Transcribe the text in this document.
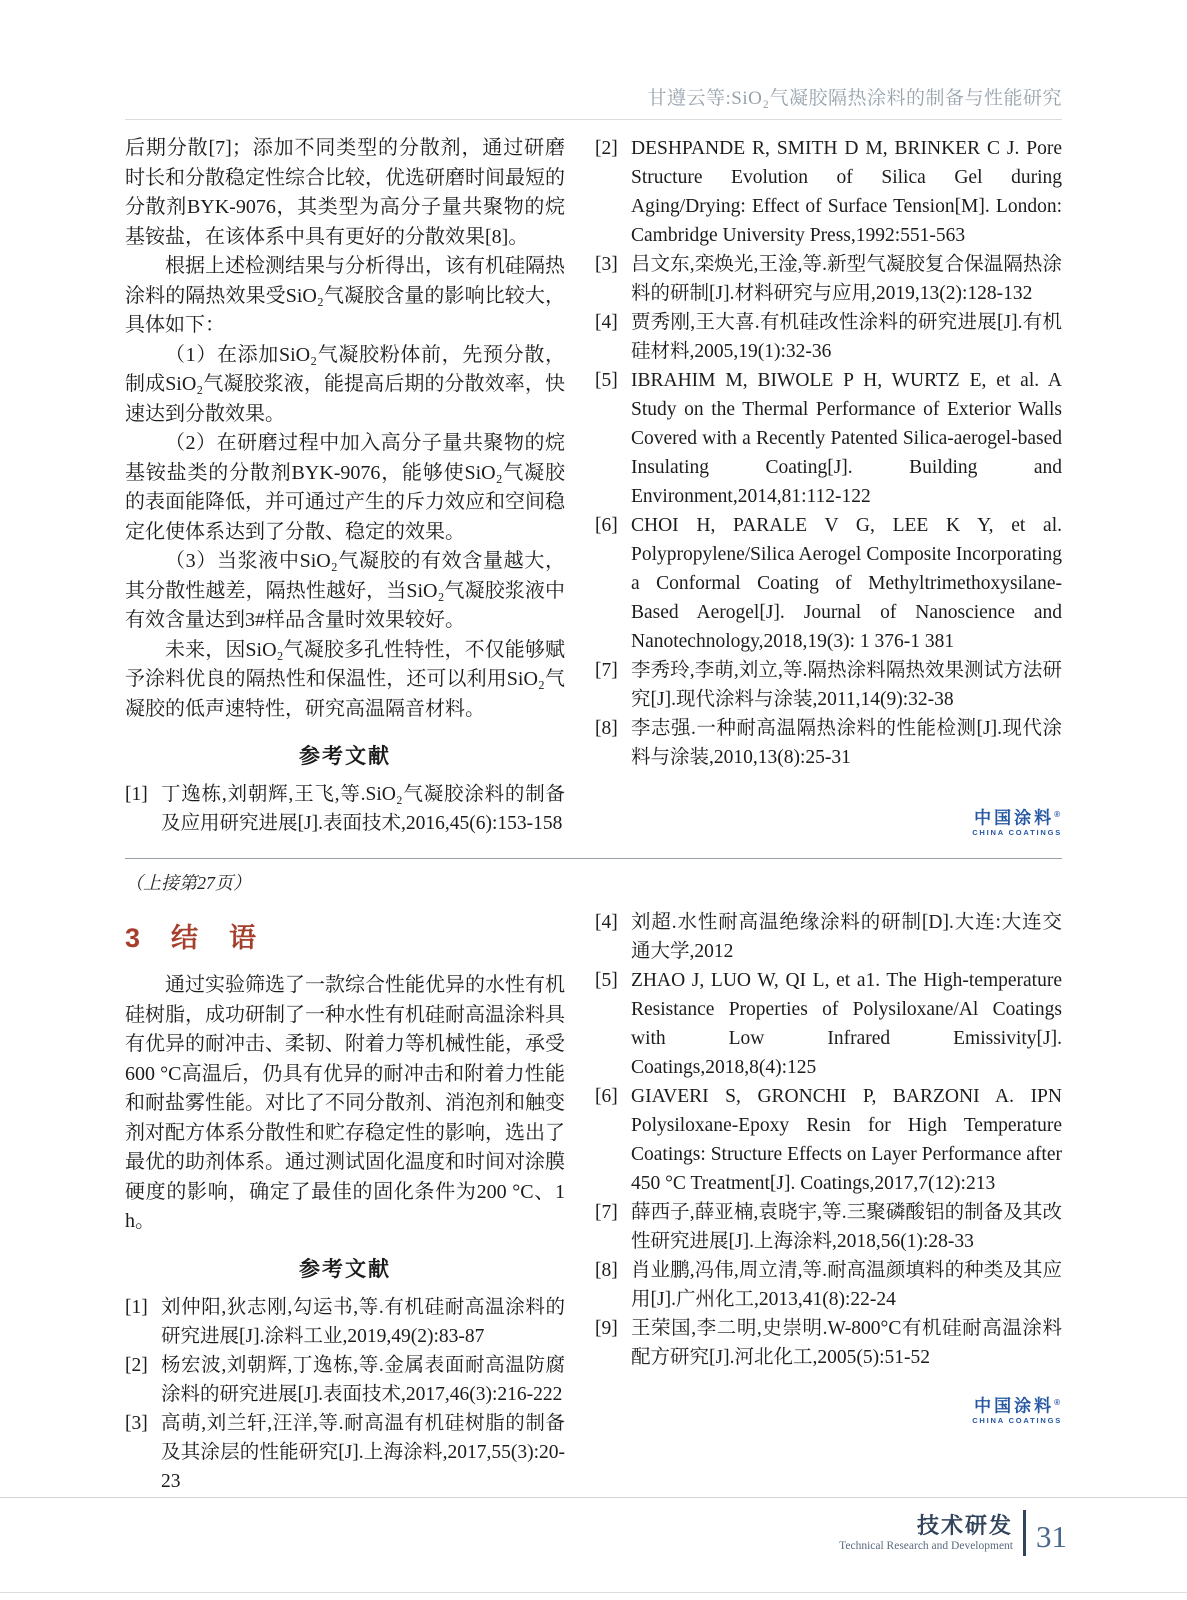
甘遵云等:SiO₂气凝胶隔热涂料的制备与性能研究

后期分散[7]；添加不同类型的分散剂，通过研磨时长和分散稳定性综合比较，优选研磨时间最短的分散剂BYK-9076，其类型为高分子量共聚物的烷基铵盐，在该体系中具有更好的分散效果[8]。

根据上述检测结果与分析得出，该有机硅隔热涂料的隔热效果受SiO₂气凝胶含量的影响比较大，具体如下：

（1）在添加SiO₂气凝胶粉体前，先预分散，制成SiO₂气凝胶浆液，能提高后期的分散效率，快速达到分散效果。

（2）在研磨过程中加入高分子量共聚物的烷基铵盐类的分散剂BYK-9076，能够使SiO₂气凝胶的表面能降低，并可通过产生的斥力效应和空间稳定化使体系达到了分散、稳定的效果。

（3）当浆液中SiO₂气凝胶的有效含量越大，其分散性越差，隔热性越好，当SiO₂气凝胶浆液中有效含量达到3#样品含量时效果较好。

未来，因SiO₂气凝胶多孔性特性，不仅能够赋予涂料优良的隔热性和保温性，还可以利用SiO₂气凝胶的低声速特性，研究高温隔音材料。

参考文献

[1] 丁逸栋,刘朝辉,王飞,等.SiO₂气凝胶涂料的制备及应用研究进展[J].表面技术,2016,45(6):153-158

[2] DESHPANDE R, SMITH D M, BRINKER C J. Pore Structure Evolution of Silica Gel during Aging/Drying: Effect of Surface Tension[M]. London: Cambridge University Press,1992:551-563

[3] 吕文东,栾焕光,王淦,等.新型气凝胶复合保温隔热涂料的研制[J].材料研究与应用,2019,13(2):128-132

[4] 贾秀刚,王大喜.有机硅改性涂料的研究进展[J].有机硅材料,2005,19(1):32-36

[5] IBRAHIM M, BIWOLE P H, WURTZ E, et al. A Study on the Thermal Performance of Exterior Walls Covered with a Recently Patented Silica-aerogel-based Insulating Coating[J]. Building and Environment,2014,81:112-122

[6] CHOI H, PARALE V G, LEE K Y, et al. Polypropylene/Silica Aerogel Composite Incorporating a Conformal Coating of Methyltrimethoxysilane-Based Aerogel[J]. Journal of Nanoscience and Nanotechnology,2018,19(3): 1 376-1 381

[7] 李秀玲,李萌,刘立,等.隔热涂料隔热效果测试方法研究[J].现代涂料与涂装,2011,14(9):32-38

[8] 李志强.一种耐高温隔热涂料的性能检测[J].现代涂料与涂装,2010,13(8):25-31

中国涂料®
CHINA COATINGS
（上接第27页）
3　结　语

通过实验筛选了一款综合性能优异的水性有机硅树脂，成功研制了一种水性有机硅耐高温涂料具有优异的耐冲击、柔韧、附着力等机械性能，承受600 °C高温后，仍具有优异的耐冲击和附着力性能和耐盐雾性能。对比了不同分散剂、消泡剂和触变剂对配方体系分散性和贮存稳定性的影响，选出了最优的助剂体系。通过测试固化温度和时间对涂膜硬度的影响，确定了最佳的固化条件为200 °C、1 h。

参考文献

[1] 刘仲阳,狄志刚,勾运书,等.有机硅耐高温涂料的研究进展[J].涂料工业,2019,49(2):83-87

[2] 杨宏波,刘朝辉,丁逸栋,等.金属表面耐高温防腐涂料的研究进展[J].表面技术,2017,46(3):216-222

[3] 高萌,刘兰轩,汪洋,等.耐高温有机硅树脂的制备及其涂层的性能研究[J].上海涂料,2017,55(3):20-23

[4] 刘超.水性耐高温绝缘涂料的研制[D].大连:大连交通大学,2012

[5] ZHAO J, LUO W, QI L, et a1. The High-temperature Resistance Properties of Polysiloxane/Al Coatings with Low Infrared Emissivity[J]. Coatings,2018,8(4):125

[6] GIAVERI S, GRONCHI P, BARZONI A. IPN Polysiloxane-Epoxy Resin for High Temperature Coatings: Structure Effects on Layer Performance after 450 °C Treatment[J]. Coatings,2017,7(12):213

[7] 薛西子,薛亚楠,袁晓宇,等.三聚磷酸铝的制备及其改性研究进展[J].上海涂料,2018,56(1):28-33

[8] 肖业鹏,冯伟,周立清,等.耐高温颜填料的种类及其应用[J].广州化工,2013,41(8):22-24

[9] 王荣国,李二明,史崇明.W-800°C有机硅耐高温涂料配方研究[J].河北化工,2005(5):51-52

中国涂料®
CHINA COATINGS
技术研发
Technical Research and Development 31
